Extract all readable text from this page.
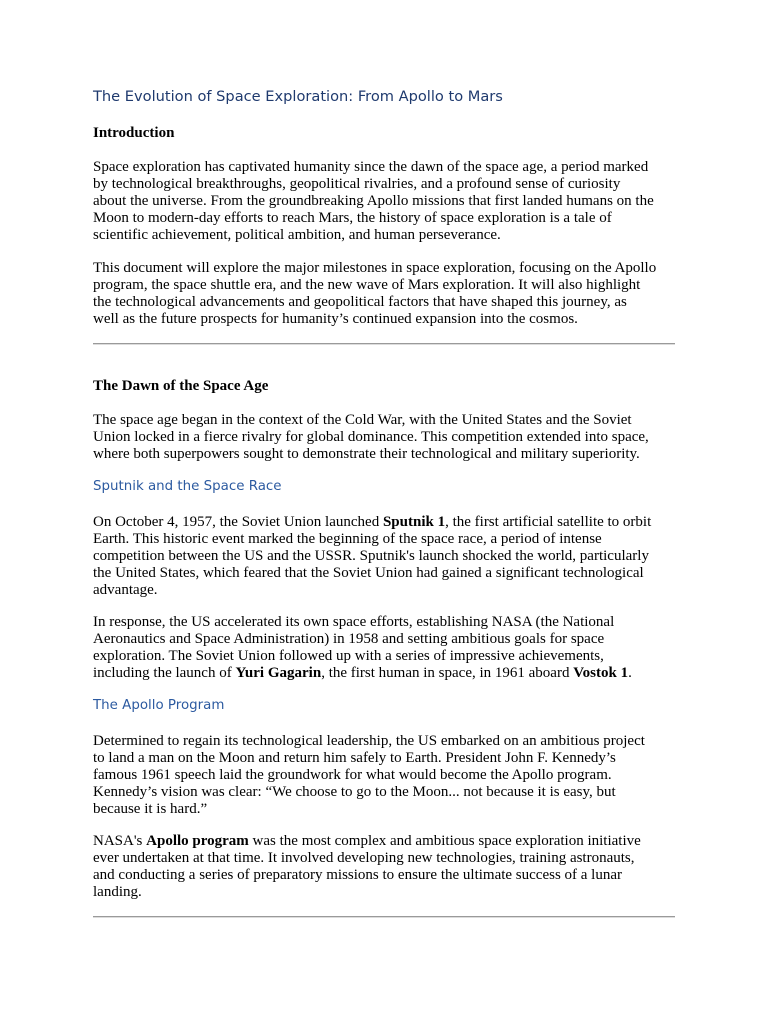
The Evolution of Space Exploration: From Apollo to Mars
Introduction
Space exploration has captivated humanity since the dawn of the space age, a period marked
by technological breakthroughs, geopolitical rivalries, and a profound sense of curiosity
about the universe. From the groundbreaking Apollo missions that first landed humans on the
Moon to modern-day efforts to reach Mars, the history of space exploration is a tale of
scientific achievement, political ambition, and human perseverance.
This document will explore the major milestones in space exploration, focusing on the Apollo
program, the space shuttle era, and the new wave of Mars exploration. It will also highlight
the technological advancements and geopolitical factors that have shaped this journey, as
well as the future prospects for humanity’s continued expansion into the cosmos.
The Dawn of the Space Age
The space age began in the context of the Cold War, with the United States and the Soviet
Union locked in a fierce rivalry for global dominance. This competition extended into space,
where both superpowers sought to demonstrate their technological and military superiority.
Sputnik and the Space Race
On October 4, 1957, the Soviet Union launched Sputnik 1, the first artificial satellite to orbit
Earth. This historic event marked the beginning of the space race, a period of intense
competition between the US and the USSR. Sputnik's launch shocked the world, particularly
the United States, which feared that the Soviet Union had gained a significant technological
advantage.
In response, the US accelerated its own space efforts, establishing NASA (the National
Aeronautics and Space Administration) in 1958 and setting ambitious goals for space
exploration. The Soviet Union followed up with a series of impressive achievements,
including the launch of Yuri Gagarin, the first human in space, in 1961 aboard Vostok 1.
The Apollo Program
Determined to regain its technological leadership, the US embarked on an ambitious project
to land a man on the Moon and return him safely to Earth. President John F. Kennedy’s
famous 1961 speech laid the groundwork for what would become the Apollo program.
Kennedy’s vision was clear: “We choose to go to the Moon... not because it is easy, but
because it is hard.”
NASA's Apollo program was the most complex and ambitious space exploration initiative
ever undertaken at that time. It involved developing new technologies, training astronauts,
and conducting a series of preparatory missions to ensure the ultimate success of a lunar
landing.
